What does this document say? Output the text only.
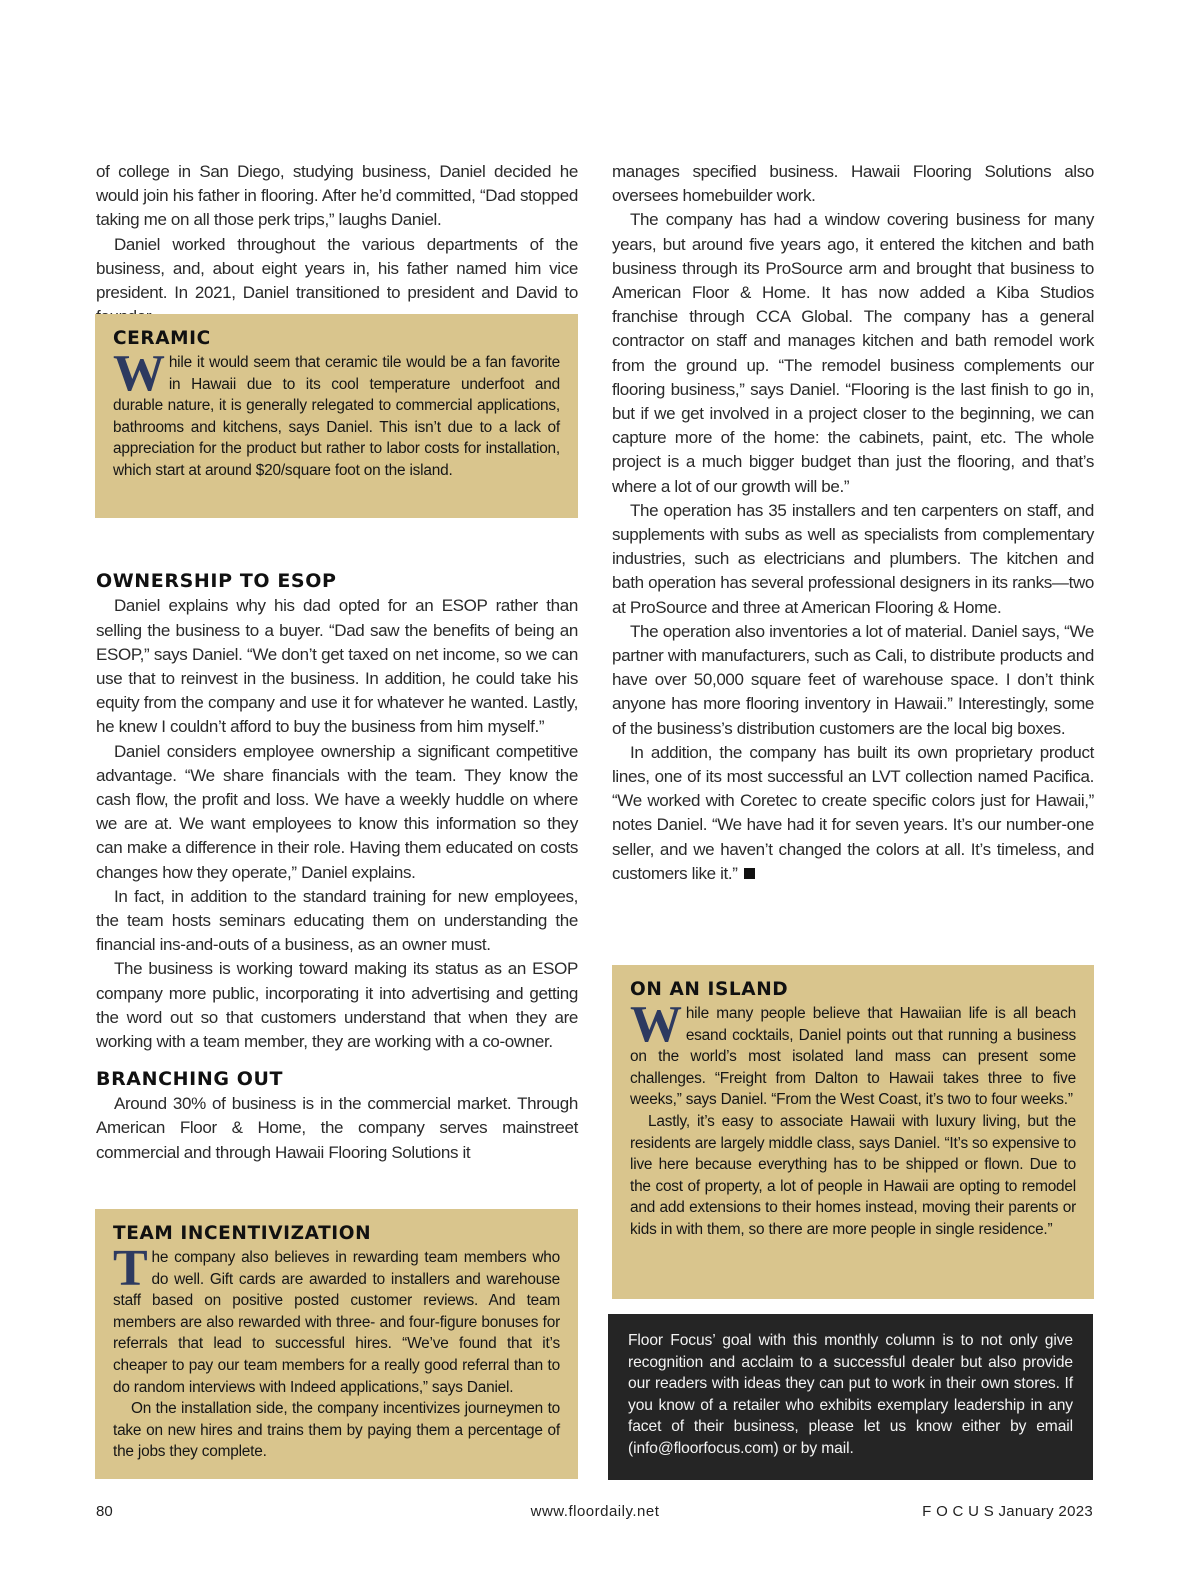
of college in San Diego, studying business, Daniel decided he would join his father in flooring. After he’d committed, “Dad stopped taking me on all those perk trips,” laughs Daniel.

Daniel worked throughout the various departments of the business, and, about eight years in, his father named him vice president. In 2021, Daniel transitioned to president and David to

OWNERSHIP TO ESOP

Daniel explains why his dad opted for an ESOP rather than selling the business to a buyer. “Dad saw the benefits of being an ESOP,” says Daniel. “We don’t get taxed on net income, so we can use that to reinvest in the business. In addition, he could take his equity from the company and use it for whatever he wanted. Lastly, he knew I couldn’t afford to buy the business from him myself.”

Daniel considers employee ownership a significant competitive advantage. “We share financials with the team. They know the cash flow, the profit and loss. We have a weekly huddle on where we are at. We want employees to know this information so they can make a difference in their role. Having them educated on costs changes how they operate,” Daniel explains.

In fact, in addition to the standard training for new employees, the team hosts seminars educating them on understanding the financial ins-and-outs of a business, as an owner must.

The business is working toward making its status as an ESOP company more public, incorporating it into advertising and getting the word out so that customers understand that when they are working with a team member, they are working with a co-owner.

BRANCHING OUT

Around 30% of business is in the commercial market. Through American Floor & Home, the company serves mainstreet commercial and through Hawaii Flooring Solutions it

manages specified business. Hawaii Flooring Solutions also oversees homebuilder work.

The company has had a window covering business for many years, but around five years ago, it entered the kitchen and bath business through its ProSource arm and brought that business to American Floor & Home. It has now added a Kiba Studios franchise through CCA Global. The company has a general contractor on staff and manages kitchen and bath remodel work from the ground up. “The remodel business complements our flooring business,” says Daniel. “Flooring is the last finish to go in, but if we get involved in a project closer to the beginning, we can capture more of the home: the cabinets, paint, etc. The whole project is a much bigger budget than just the flooring, and that’s where a lot of our growth will be.”

The operation has 35 installers and ten carpenters on staff, and supplements with subs as well as specialists from complementary industries, such as electricians and plumbers. The kitchen and bath operation has several professional designers in its ranks—two at ProSource and three at American Flooring & Home.

The operation also inventories a lot of material. Daniel says, “We partner with manufacturers, such as Cali, to distribute products and have over 50,000 square feet of warehouse space. I don’t think anyone has more flooring inventory in Hawaii.” Interestingly, some of the business’s distribution customers are the local big boxes.

In addition, the company has built its own proprietary product lines, one of its most successful an LVT collection named Pacifica. “We worked with Coretec to create specific colors just for Hawaii,” notes Daniel. “We have had it for seven years. It’s our number-one seller, and we haven’t changed the colors at all. It’s timeless, and customers like it.”

CERAMIC

While it would seem that ceramic tile would be a fan favorite in Hawaii due to its cool temperature underfoot and durable nature, it is generally relegated to commercial applications, bathrooms and kitchens, says Daniel. This isn’t due to a lack of appreciation for the product but rather to labor costs for installation, which start at around $20/square foot on the island.

TEAM INCENTIVIZATION

The company also believes in rewarding team members who do well. Gift cards are awarded to installers and warehouse staff based on positive posted customer reviews. And team members are also rewarded with three- and four-figure bonuses for referrals that lead to successful hires. “We’ve found that it’s cheaper to pay our team members for a really good referral than to do random interviews with Indeed applications,” says Daniel.

On the installation side, the company incentivizes journeymen to take on new hires and trains them by paying them a percentage of the jobs they complete.

ON AN ISLAND

While many people believe that Hawaiian life is all beach esand cocktails, Daniel points out that running a business on the world’s most isolated land mass can present some challenges. “Freight from Dalton to Hawaii takes three to five weeks,” says Daniel. “From the West Coast, it’s two to four weeks.”

Lastly, it’s easy to associate Hawaii with luxury living, but the residents are largely middle class, says Daniel. “It’s so expensive to live here because everything has to be shipped or flown. Due to the cost of property, a lot of people in Hawaii are opting to remodel and add extensions to their homes instead, moving their parents or kids in with them, so there are more people in single residence.”

Floor Focus’ goal with this monthly column is to not only give recognition and acclaim to a successful dealer but also provide our readers with ideas they can put to work in their own stores. If you know of a retailer who exhibits exemplary leadership in any facet of their business, please let us know either by email (info@floorfocus.com) or by mail.

80	www.floordaily.net	F O C U S January 2023
